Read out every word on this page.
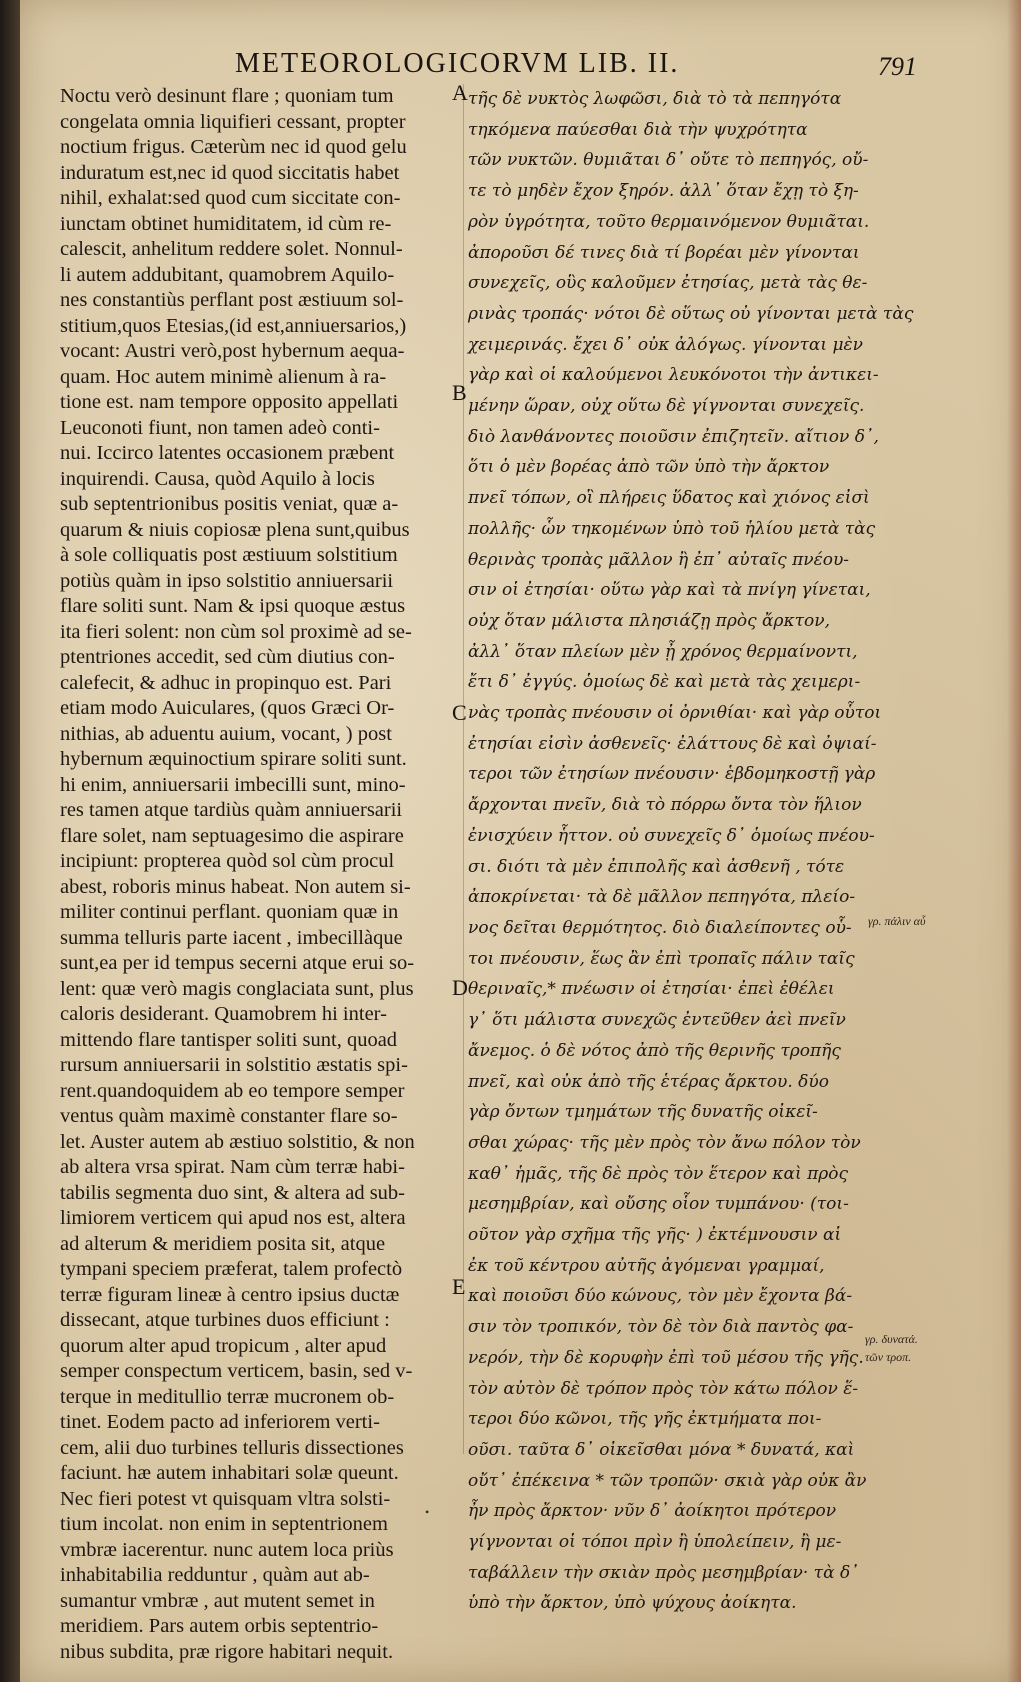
METEOROLOGICORVM LIB. II.	791
Noctu verò desinunt flare ; quoniam tum
congelata omnia liquifieri cessant, propter
noctium frigus. Cæterùm nec id quod gelu
induratum est,nec id quod siccitatis habet
nihil, exhalat:sed quod cum siccitate con-
iunctam obtinet humiditatem, id cùm re-
calescit, anhelitum reddere solet. Nonnul-
li autem addubitant, quamobrem Aquilo-
nes constantiùs perflant post æstiuum sol-
stitium,quos Etesias,(id est,anniuersarios,)
vocant: Austri verò,post hybernum aequa-
quam. Hoc autem minimè alienum à ra-
tione est. nam tempore opposito appellati
Leuconoti fiunt, non tamen adeò conti-
nui. Iccirco latentes occasionem præbent
inquirendi. Causa, quòd Aquilo à locis
sub septentrionibus positis veniat, quæ a-
quarum & niuis copiosæ plena sunt,quibus
à sole colliquatis post æstiuum solstitium
potiùs quàm in ipso solstitio anniuersarii
flare soliti sunt. Nam & ipsi quoque æstus
ita fieri solent: non cùm sol proximè ad se-
ptentriones accedit, sed cùm diutius con-
calefecit, & adhuc in propinquo est. Pari
etiam modo Auiculares, (quos Græci Or-
nithias, ab aduentu auium, vocant, ) post
hybernum æquinoctium spirare soliti sunt.
hi enim, anniuersarii imbecilli sunt, mino-
res tamen atque tardiùs quàm anniuersarii
flare solet, nam septuagesimo die aspirare
incipiunt: propterea quòd sol cùm procul
abest, roboris minus habeat. Non autem si-
militer continui perflant. quoniam quæ in
summa telluris parte iacent , imbecillàque
sunt,ea per id tempus secerni atque erui so-
lent: quæ verò magis conglaciata sunt, plus
caloris desiderant. Quamobrem hi inter-
mittendo flare tantisper soliti sunt, quoad
rursum anniuersarii in solstitio æstatis spi-
rent.quandoquidem ab eo tempore semper
ventus quàm maximè constanter flare so-
let. Auster autem ab æstiuo solstitio, & non
ab altera vrsa spirat. Nam cùm terræ habi-
tabilis segmenta duo sint, & altera ad sub-
limiorem verticem qui apud nos est, altera
ad alterum & meridiem posita sit, atque
tympani speciem præferat, talem profectò
terræ figuram lineæ à centro ipsius ductæ
dissecant, atque turbines duos efficiunt :
quorum alter apud tropicum , alter apud
semper conspectum verticem, basin, sed v-
terque in meditullio terræ mucronem ob-
tinet. Eodem pacto ad inferiorem verti-
cem, alii duo turbines telluris dissectiones
faciunt. hæ autem inhabitari solæ queunt.
Nec fieri potest vt quisquam vltra solsti-
tium incolat. non enim in septentrionem
vmbræ iacerentur. nunc autem loca priùs
inhabitabilia redduntur , quàm aut ab-
sumantur vmbræ , aut mutent semet in
meridiem. Pars autem orbis septentrio-
nibus subdita, præ rigore habitari nequit.
τῆς δὲ νυκτὸς λωφῶσι, διὰ τὸ τὰ πεπηγότα
τηκόμενα παύεσθαι διὰ τὴν ψυχρότητα
τῶν νυκτῶν. θυμιᾶται δ᾽ οὔτε τὸ πεπηγός, οὔ-
τε τὸ μηδὲν ἔχον ξηρόν. ἀλλ᾽ ὅταν ἔχῃ τὸ ξη-
ρὸν ὑγρότητα, τοῦτο θερμαινόμενον θυμιᾶται.
ἀποροῦσι δέ τινες διὰ τί βορέαι μὲν γίνονται
συνεχεῖς, οὓς καλοῦμεν ἐτησίας, μετὰ τὰς θε-
ρινὰς τροπάς· νότοι δὲ οὕτως οὐ γίνονται μετὰ τὰς
χειμερινάς. ἔχει δ᾽ οὐκ ἀλόγως. γίνονται μὲν
γὰρ καὶ οἱ καλούμενοι λευκόνοτοι τὴν ἀντικει-
μένην ὥραν, οὐχ οὕτω δὲ γίγνονται συνεχεῖς.
διὸ λανθάνοντες ποιοῦσιν ἐπιζητεῖν. αἴτιον δ᾽,
ὅτι ὁ μὲν βορέας ἀπὸ τῶν ὑπὸ τὴν ἄρκτον
πνεῖ τόπων, οἳ πλήρεις ὕδατος καὶ χιόνος εἰσὶ
πολλῆς· ὧν τηκομένων ὑπὸ τοῦ ἡλίου μετὰ τὰς
θερινὰς τροπὰς μᾶλλον ἢ ἐπ᾽ αὐταῖς πνέου-
σιν οἱ ἐτησίαι· οὕτω γὰρ καὶ τὰ πνίγη γίνεται,
οὐχ ὅταν μάλιστα πλησιάζῃ πρὸς ἄρκτον,
ἀλλ᾽ ὅταν πλείων μὲν ᾖ χρόνος θερμαίνοντι,
ἔτι δ᾽ ἐγγύς. ὁμοίως δὲ καὶ μετὰ τὰς χειμερι-
νὰς τροπὰς πνέουσιν οἱ ὀρνιθίαι· καὶ γὰρ οὗτοι
ἐτησίαι εἰσὶν ἀσθενεῖς· ἐλάττους δὲ καὶ ὀψιαί-
τεροι τῶν ἐτησίων πνέουσιν· ἑβδομηκοστῇ γὰρ
ἄρχονται πνεῖν, διὰ τὸ πόρρω ὄντα τὸν ἥλιον
ἐνισχύειν ἧττον. οὐ συνεχεῖς δ᾽ ὁμοίως πνέου-
σι. διότι τὰ μὲν ἐπιπολῆς καὶ ἀσθενῆ , τότε
ἀποκρίνεται· τὰ δὲ μᾶλλον πεπηγότα, πλείο-
νος δεῖται θερμότητος. διὸ διαλείποντες οὗ-
τοι πνέουσιν, ἕως ἂν ἐπὶ τροπαῖς πάλιν ταῖς
θεριναῖς,* πνέωσιν οἱ ἐτησίαι· ἐπεὶ ἐθέλει
γ᾽ ὅτι μάλιστα συνεχῶς ἐντεῦθεν ἀεὶ πνεῖν
ἄνεμος. ὁ δὲ νότος ἀπὸ τῆς θερινῆς τροπῆς
πνεῖ, καὶ οὐκ ἀπὸ τῆς ἑτέρας ἄρκτου. δύο
γὰρ ὄντων τμημάτων τῆς δυνατῆς οἰκεῖ-
σθαι χώρας· τῆς μὲν πρὸς τὸν ἄνω πόλον τὸν
καθ᾽ ἡμᾶς, τῆς δὲ πρὸς τὸν ἕτερον καὶ πρὸς
μεσημβρίαν, καὶ οὔσης οἷον τυμπάνου· (τοι-
οῦτον γὰρ σχῆμα τῆς γῆς· ) ἐκτέμνουσιν αἱ
ἐκ τοῦ κέντρου αὐτῆς ἀγόμεναι γραμμαί,
καὶ ποιοῦσι δύο κώνους, τὸν μὲν ἔχοντα βά-
σιν τὸν τροπικόν, τὸν δὲ τὸν διὰ παντὸς φα-
νερόν, τὴν δὲ κορυφὴν ἐπὶ τοῦ μέσου τῆς γῆς.
τὸν αὐτὸν δὲ τρόπον πρὸς τὸν κάτω πόλον ἕ-
τεροι δύο κῶνοι, τῆς γῆς ἐκτμήματα ποι-
οῦσι. ταῦτα δ᾽ οἰκεῖσθαι μόνα * δυνατά, καὶ
οὔτ᾽ ἐπέκεινα * τῶν τροπῶν· σκιὰ γὰρ οὐκ ἂν
ἦν πρὸς ἄρκτον· νῦν δ᾽ ἀοίκητοι πρότερον
γίγνονται οἱ τόποι πρὶν ἢ ὑπολείπειν, ἢ με-
ταβάλλειν τὴν σκιὰν πρὸς μεσημβρίαν· τὰ δ᾽
ὑπὸ τὴν ἄρκτον, ὑπὸ ψύχους ἀοίκητα.
A
B
C
D
E
γρ. πάλιν αὖ
γρ. δυνατά.
τῶν τροπ.
•
